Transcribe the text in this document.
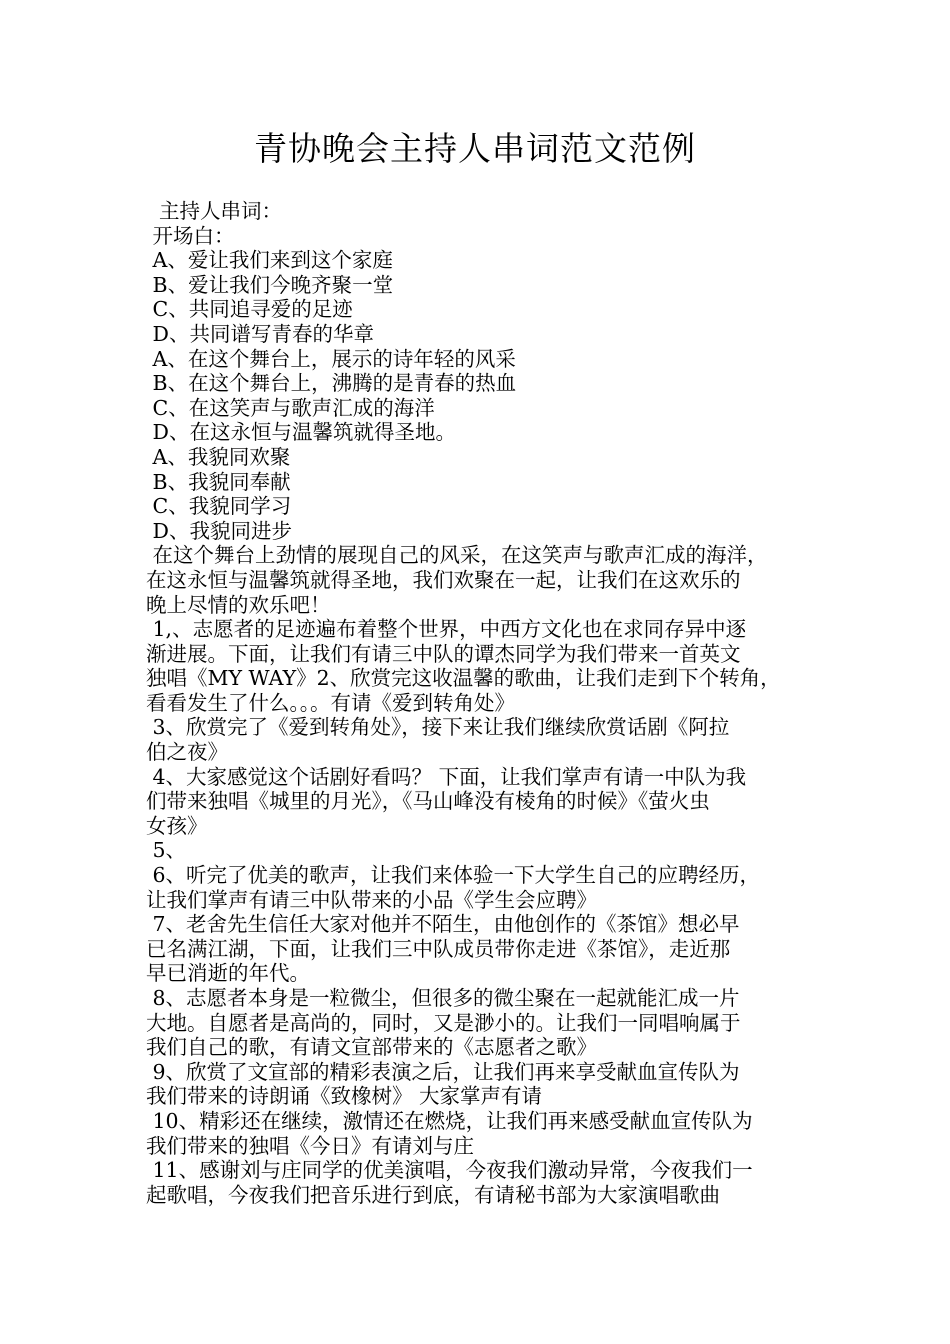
青协晚会主持人串词范文范例
主持人串词：
开场白：
A、爱让我们来到这个家庭
B、爱让我们今晚齐聚一堂
C、共同追寻爱的足迹
D、共同谱写青春的华章
A、在这个舞台上，展示的诗年轻的风采
B、在这个舞台上，沸腾的是青春的热血
C、在这笑声与歌声汇成的海洋
D、在这永恒与温馨筑就得圣地。
A、我貌同欢聚
B、我貌同奉献
C、我貌同学习
D、我貌同进步
在这个舞台上劲情的展现自己的风采，在这笑声与歌声汇成的海洋，
在这永恒与温馨筑就得圣地，我们欢聚在一起，让我们在这欢乐的
晚上尽情的欢乐吧！
1,、志愿者的足迹遍布着整个世界，中西方文化也在求同存异中逐
渐进展。下面，让我们有请三中队的谭杰同学为我们带来一首英文
独唱《MY WAY》2、欣赏完这收温馨的歌曲，让我们走到下个转角，
看看发生了什么。。。有请《爱到转角处》
3、欣赏完了《爱到转角处》，接下来让我们继续欣赏话剧《阿拉
伯之夜》
4、大家感觉这个话剧好看吗？ 下面，让我们掌声有请一中队为我
们带来独唱《城里的月光》，《马山峰没有棱角的时候》《萤火虫
女孩》
5、
6、听完了优美的歌声，让我们来体验一下大学生自己的应聘经历，
让我们掌声有请三中队带来的小品《学生会应聘》
7、老舍先生信任大家对他并不陌生，由他创作的《茶馆》想必早
已名满江湖，下面，让我们三中队成员带你走进《茶馆》，走近那
早已消逝的年代。
8、志愿者本身是一粒微尘，但很多的微尘聚在一起就能汇成一片
大地。自愿者是高尚的，同时，又是渺小的。让我们一同唱响属于
我们自己的歌，有请文宣部带来的《志愿者之歌》
9、欣赏了文宣部的精彩表演之后，让我们再来享受献血宣传队为
我们带来的诗朗诵《致橡树》 大家掌声有请
10、精彩还在继续，激情还在燃烧，让我们再来感受献血宣传队为
我们带来的独唱《今日》有请刘与庄
11、感谢刘与庄同学的优美演唱，今夜我们激动异常，今夜我们一
起歌唱，今夜我们把音乐进行到底，有请秘书部为大家演唱歌曲
